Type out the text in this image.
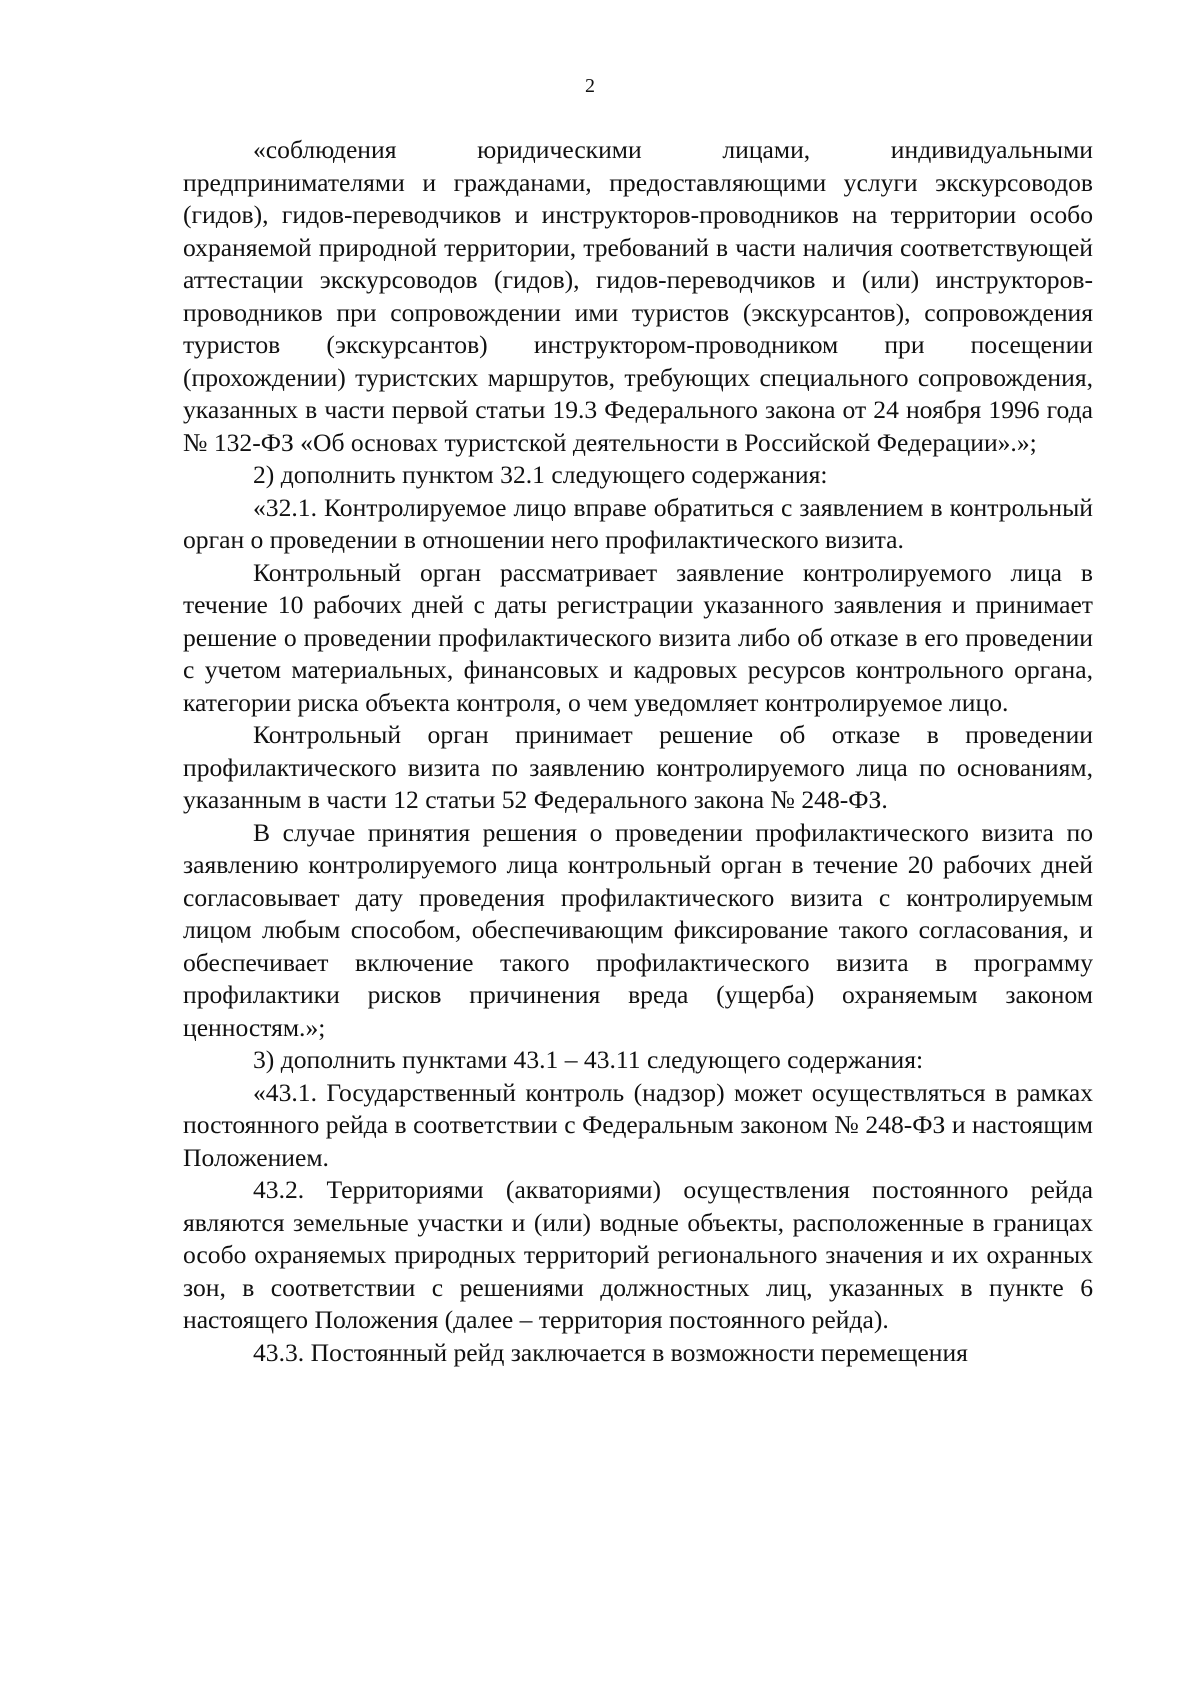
2

«соблюдения юридическими лицами, индивидуальными предпринимателями и гражданами, предоставляющими услуги экскурсоводов (гидов), гидов-переводчиков и инструкторов-проводников на территории особо охраняемой природной территории, требований в части наличия соответствующей аттестации экскурсоводов (гидов), гидов-переводчиков и (или) инструкторов-проводников при сопровождении ими туристов (экскурсантов), сопровождения туристов (экскурсантов) инструктором-проводником при посещении (прохождении) туристских маршрутов, требующих специального сопровождения, указанных в части первой статьи 19.3 Федерального закона от 24 ноября 1996 года № 132-ФЗ «Об основах туристской деятельности в Российской Федерации».»;

2) дополнить пунктом 32.1 следующего содержания:

«32.1. Контролируемое лицо вправе обратиться с заявлением в контрольный орган о проведении в отношении него профилактического визита.

Контрольный орган рассматривает заявление контролируемого лица в течение 10 рабочих дней с даты регистрации указанного заявления и принимает решение о проведении профилактического визита либо об отказе в его проведении с учетом материальных, финансовых и кадровых ресурсов контрольного органа, категории риска объекта контроля, о чем уведомляет контролируемое лицо.

Контрольный орган принимает решение об отказе в проведении профилактического визита по заявлению контролируемого лица по основаниям, указанным в части 12 статьи 52 Федерального закона № 248-ФЗ.

В случае принятия решения о проведении профилактического визита по заявлению контролируемого лица контрольный орган в течение 20 рабочих дней согласовывает дату проведения профилактического визита с контролируемым лицом любым способом, обеспечивающим фиксирование такого согласования, и обеспечивает включение такого профилактического визита в программу профилактики рисков причинения вреда (ущерба) охраняемым законом ценностям.»;

3) дополнить пунктами 43.1 – 43.11 следующего содержания:

«43.1. Государственный контроль (надзор) может осуществляться в рамках постоянного рейда в соответствии с Федеральным законом № 248-ФЗ и настоящим Положением.

43.2. Территориями (акваториями) осуществления постоянного рейда являются земельные участки и (или) водные объекты, расположенные в границах особо охраняемых природных территорий регионального значения и их охранных зон, в соответствии с решениями должностных лиц, указанных в пункте 6 настоящего Положения (далее – территория постоянного рейда).

43.3. Постоянный рейд заключается в возможности перемещения
